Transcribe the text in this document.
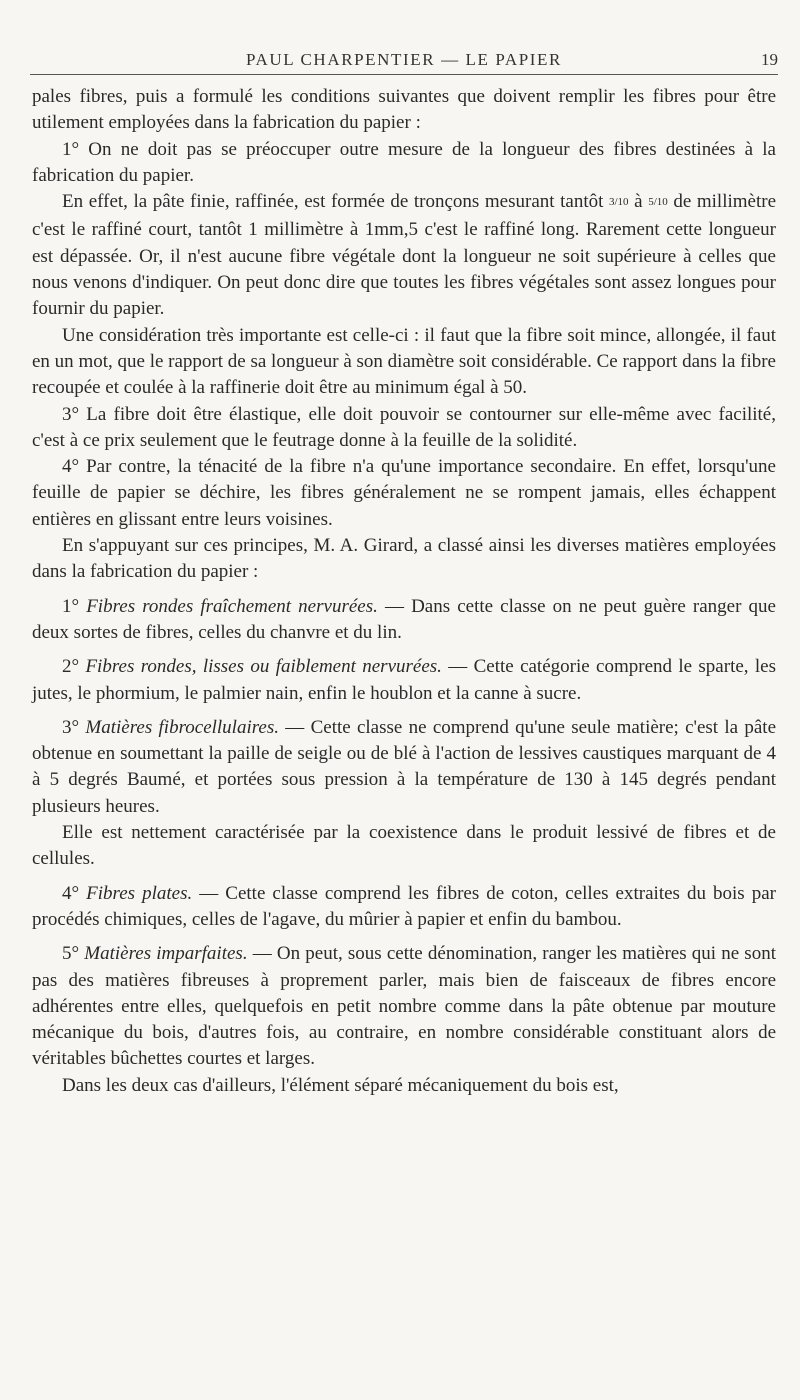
PAUL CHARPENTIER — LE PAPIER	19

pales fibres, puis a formulé les conditions suivantes que doivent remplir les fibres pour être utilement employées dans la fabrication du papier :

1° On ne doit pas se préoccuper outre mesure de la longueur des fibres destinées à la fabrication du papier.

En effet, la pâte finie, raffinée, est formée de tronçons mesurant tantôt 3/10 à 5/10 de millimètre c'est le raffiné court, tantôt 1 millimètre à 1mm,5 c'est le raffiné long. Rarement cette longueur est dépassée. Or, il n'est aucune fibre végétale dont la longueur ne soit supérieure à celles que nous venons d'indiquer. On peut donc dire que toutes les fibres végétales sont assez longues pour fournir du papier.

Une considération très importante est celle-ci : il faut que la fibre soit mince, allongée, il faut en un mot, que le rapport de sa longueur à son diamètre soit considérable. Ce rapport dans la fibre recoupée et coulée à la raffinerie doit être au minimum égal à 50.

3° La fibre doit être élastique, elle doit pouvoir se contourner sur elle-même avec facilité, c'est à ce prix seulement que le feutrage donne à la feuille de la solidité.

4° Par contre, la ténacité de la fibre n'a qu'une importance secondaire. En effet, lorsqu'une feuille de papier se déchire, les fibres généralement ne se rompent jamais, elles échappent entières en glissant entre leurs voisines.

En s'appuyant sur ces principes, M. A. Girard, a classé ainsi les diverses matières employées dans la fabrication du papier :

1° Fibres rondes fraîchement nervurées. — Dans cette classe on ne peut guère ranger que deux sortes de fibres, celles du chanvre et du lin.

2° Fibres rondes, lisses ou faiblement nervurées. — Cette catégorie comprend le sparte, les jutes, le phormium, le palmier nain, enfin le houblon et la canne à sucre.

3° Matières fibrocellulaires. — Cette classe ne comprend qu'une seule matière; c'est la pâte obtenue en soumettant la paille de seigle ou de blé à l'action de lessives caustiques marquant de 4 à 5 degrés Baumé, et portées sous pression à la température de 130 à 145 degrés pendant plusieurs heures.

Elle est nettement caractérisée par la coexistence dans le produit lessivé de fibres et de cellules.

4° Fibres plates. — Cette classe comprend les fibres de coton, celles extraites du bois par procédés chimiques, celles de l'agave, du mûrier à papier et enfin du bambou.

5° Matières imparfaites. — On peut, sous cette dénomination, ranger les matières qui ne sont pas des matières fibreuses à proprement parler, mais bien de faisceaux de fibres encore adhérentes entre elles, quelquefois en petit nombre comme dans la pâte obtenue par mouture mécanique du bois, d'autres fois, au contraire, en nombre considérable constituant alors de véritables bûchettes courtes et larges.

Dans les deux cas d'ailleurs, l'élément séparé mécaniquement du bois est,
